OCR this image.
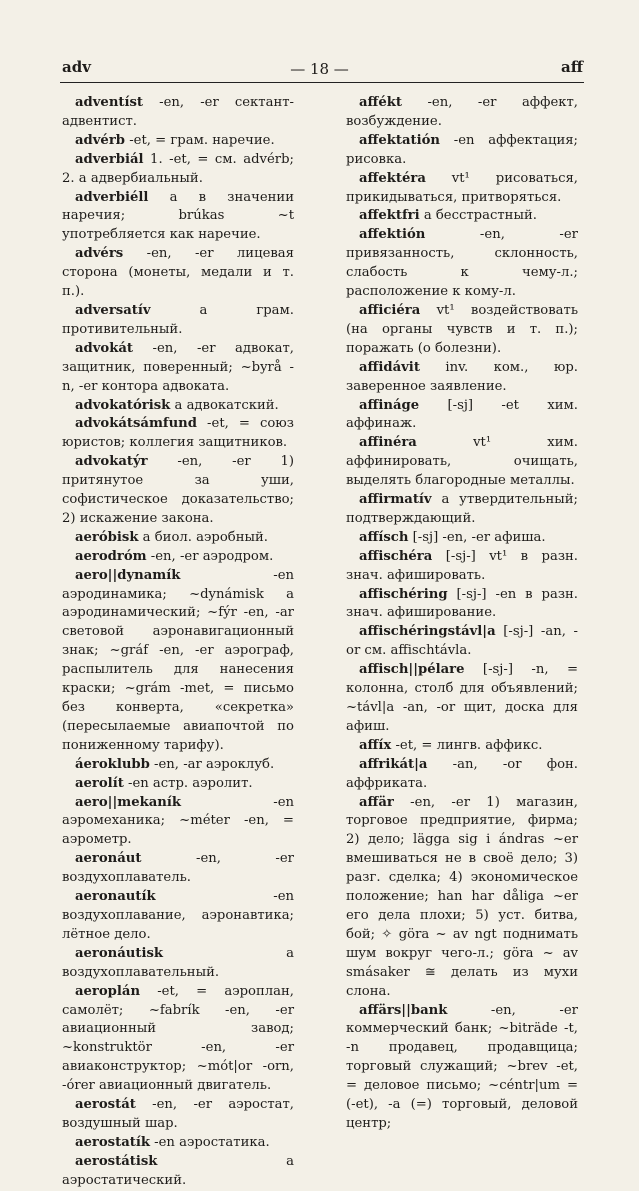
adv	— 18 —	aff

adventíst -en, -er сектант-адвентист.

advérb -et, = грам. наречие.

adverbiál 1. -et, = см. advérb; 2. a адвербиальный.

adverbiéll a в значении наречия; brúkas ~t употребляется как наречие.

advérs -en, -er лицевая сторона (монеты, медали и т. п.).

adversatív a грам. противительный.

advokát -en, -er адвокат, защитник, поверенный; ~byrå -n, -er контора адвоката.

advokatórisk a адвокатский.

advokátsámfund -et, = союз юристов; коллегия защитников.

advokatýr -en, -er 1) притянутое за уши, софистическое доказательство; 2) искажение закона.

aeróbisk a биол. аэробный.

aerodróm -en, -er аэродром.

aero||dynamík -en аэродинамика; ~dynámisk a аэродинамический; ~fýr -en, -ar световой аэронавигационный знак; ~gráf -en, -er аэрограф, распылитель для нанесения краски; ~grám -met, = письмо без конверта, «секретка» (пересылаемые авиапочтой по пониженному тарифу).

áeroklubb -en, -ar аэроклуб.

aerolít -en астр. аэролит.

aero||mekaník -en аэромеханика; ~méter -en, = аэрометр.

aeronáut -en, -er воздухоплаватель.

aeronautík -en воздухоплавание, аэронавтика; лётное дело.

aeronáutisk a воздухоплавательный.

aeroplán -et, = аэроплан, самолёт; ~fabrík -en, -er авиационный завод; ~konstruktör -en, -er авиаконструктор; ~mót|or -orn, -órer авиационный двигатель.

aerostát -en, -er аэростат, воздушный шар.

aerostatík -en аэростатика.

aerostátisk a аэростатический.

affékt -en, -er аффект, возбуждение.

affektatión -en аффектация; рисовка.

affektéra vt¹ рисоваться, прикидываться, притворяться.

affektfri a бесстрастный.

affektión -en, -er привязанность, склонность, слабость к чему-л.; расположение к кому-л.

afficiéra vt¹ воздействовать (на органы чувств и т. п.); поражать (о болезни).

affidávit inv. ком., юр. заверенное заявление.

affináge [-sj] -et хим. аффинаж.

affinéra vt¹ хим. аффинировать, очищать, выделять благородные металлы.

affirmatív a утвердительный; подтверждающий.

affísch [-sj] -en, -er афиша.

affischéra [-sj-] vt¹ в разн. знач. афишировать.

affischéring [-sj-] -en в разн. знач. афиширование.

affischéringstávl|a [-sj-] -an, -or см. affischtávla.

affisch||pélare [-sj-] -n, = колонна, столб для объявлений; ~távl|a -an, -or щит, доска для афиш.

affíx -et, = лингв. аффикс.

affrikát|a -an, -or фон. аффриката.

affär -en, -er 1) магазин, торговое предприятие, фирма; 2) дело; lägga sig i ándras ~er вмешиваться не в своё дело; 3) разг. сделка; 4) экономическое положение; han har dåliga ~er его дела плохи; 5) уст. битва, бой; ✧ göra ~ av ngt поднимать шум вокруг чего-л.; göra ~ av smásaker ≅ делать из мухи слона.

affärs||bank -en, -er коммерческий банк; ~biträde -t, -n продавец, продавщица; торговый служащий; ~brev -et, = деловое письмо; ~céntr|um = (-et), -a (=) торговый, деловой центр;
